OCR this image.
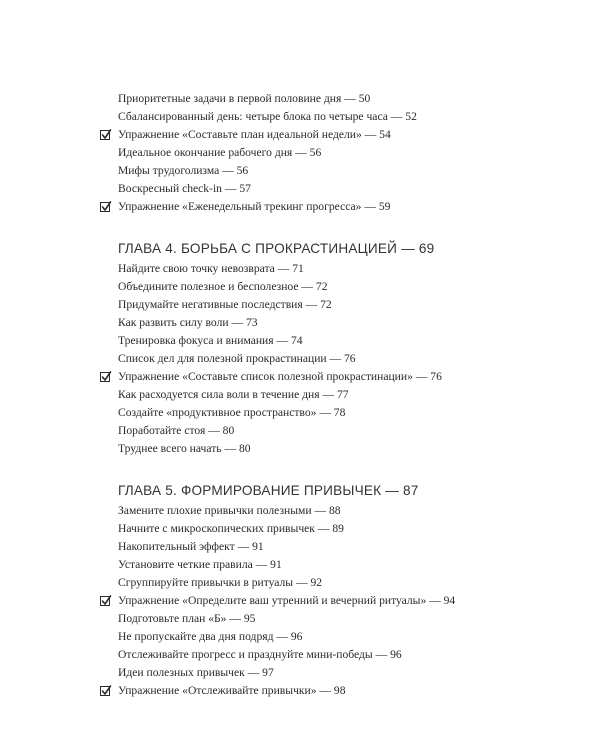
Приоритетные задачи в первой половине дня — 50
Сбалансированный день: четыре блока по четыре часа — 52
Упражнение «Составьте план идеальной недели» — 54
Идеальное окончание рабочего дня — 56
Мифы трудоголизма — 56
Воскресный check-in — 57
Упражнение «Еженедельный трекинг прогресса» — 59
ГЛАВА 4. БОРЬБА С ПРОКРАСТИНАЦИЕЙ — 69
Найдите свою точку невозврата — 71
Объедините полезное и бесполезное — 72
Придумайте негативные последствия — 72
Как развить силу воли — 73
Тренировка фокуса и внимания — 74
Список дел для полезной прокрастинации — 76
Упражнение «Составьте список полезной прокрастинации» — 76
Как расходуется сила воли в течение дня — 77
Создайте «продуктивное пространство» — 78
Поработайте стоя — 80
Труднее всего начать — 80
ГЛАВА 5. ФОРМИРОВАНИЕ ПРИВЫЧЕК — 87
Замените плохие привычки полезными — 88
Начните с микроскопических привычек — 89
Накопительный эффект — 91
Установите четкие правила — 91
Сгруппируйте привычки в ритуалы — 92
Упражнение «Определите ваш утренний и вечерний ритуалы» — 94
Подготовьте план «Б» — 95
Не пропускайте два дня подряд — 96
Отслеживайте прогресс и празднуйте мини-победы — 96
Идеи полезных привычек — 97
Упражнение «Отслеживайте привычки» — 98
